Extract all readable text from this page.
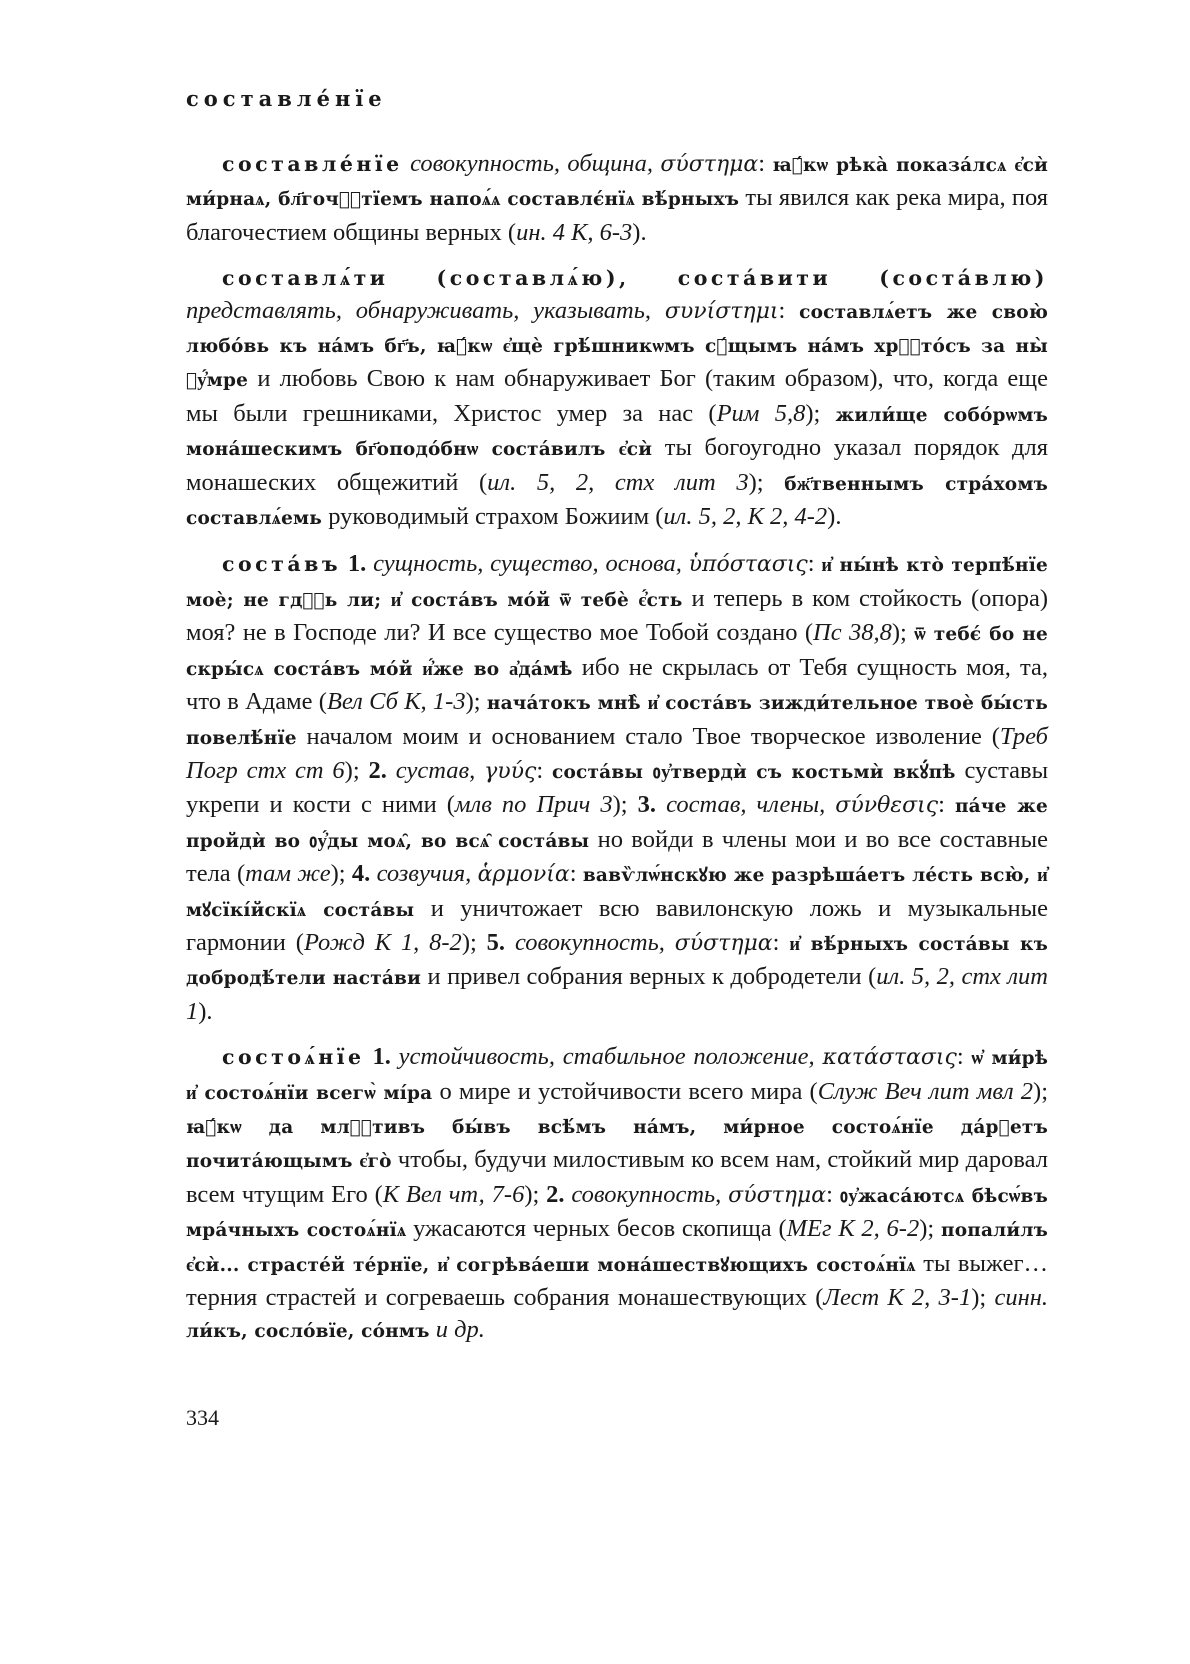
составлéнїе

составлéнїе совокупность, община, σύστημα: ꙗ҆́кѡ рѣка̀ показа́лсѧ є҆сѝ ми́рнаѧ, бл҃гочⷭ҇тїемъ напоѧ́ѧ составлє́нїѧ вѣ́рныхъ ты явился как река мира, поя благочестием общины верных (ин. 4 К, 6-3).

составлѧ́ти (составлѧ́ю), состáвити (состáвлю) представлять, обнаруживать, указывать, συνίστημι: составлѧ́етъ же свою̀ любо́вь къ на́мъ бг҃ъ, ꙗ҆́кѡ є҆щѐ грѣ́шникѡмъ сꙋ́щымъ на́мъ хрⷭ҇то́съ за ны̀ ᲂу҆́мре и любовь Свою к нам обнаруживает Бог (таким образом), что, когда еще мы были грешниками, Христос умер за нас (Рим 5,8); жили́ще собо́рѡмъ мона́шескимъ бг҃оподо́бнѡ соста́вилъ є҆сѝ ты богоугодно указал порядок для монашеских общежитий (ил. 5, 2, стх лит 3); бж҃твеннымъ стра́хомъ составлѧ́емь руководимый страхом Божиим (ил. 5, 2, К 2, 4-2).

состáвъ 1. сущность, существо, основа, ὑπόστασις: и҆ ны́нѣ кто̀ терпѣ́нїе моѐ; не гдⷭ҇ь ли; и҆ соста́въ мо́й ѿ тебѐ є҆́сть и теперь в ком стойкость (опора) моя? не в Господе ли? И все существо мое Тобой создано (Пс 38,8); ѿ тебє́ бо не скры́сѧ соста́въ мо́й и҆́же во а҆да́мѣ ибо не скрылась от Тебя сущность моя, та, что в Адаме (Вел Сб К, 1-3); нача́токъ мнѣ̀ и҆ соста́въ зижди́тельное твоѐ бы́сть повелѣ́нїе началом моим и основанием стало Твое творческое изволение (Треб Погр стх ст 6); 2. сустав, γυύς: соста́вы ᲂу҆твердѝ съ костьмѝ вкꙋ́пѣ суставы укрепи и кости с ними (млв по Прич 3); 3. состав, члены, σύνθεσις: па́че же пройдѝ во ᲂу҆́ды моѧ̑, во всѧ̑ соста́вы но войди в члены мои и во все составные тела (там же); 4. созвучия, ἁρμονία: вавѷлѡ́нскꙋю же разрѣша́етъ ле́сть всю̀, и҆ мꙋсїкі́йскїѧ соста́вы и уничтожает всю вавилонскую ложь и музыкальные гармонии (Рожд К 1, 8-2); 5. совокупность, σύστημα: и҆ вѣ́рныхъ соста́вы къ добродѣ́тели наста́ви и привел собрания верных к добродетели (ил. 5, 2, стх лит 1).

состоѧ́нїе 1. устойчивость, стабильное положение, κατάστασις: ѡ҆ ми́рѣ и҆ состоѧ́нїи всегѡ̀ мі́ра о мире и устойчивости всего мира (Служ Веч лит мвл 2); ꙗ҆́кѡ да млⷭ҇тивъ бы́въ всѣ́мъ на́мъ, ми́рное состоѧ́нїе да́рꙋетъ почита́ющымъ є҆го̀ чтобы, будучи милостивым ко всем нам, стойкий мир даровал всем чтущим Его (К Вел чт, 7-6); 2. совокупность, σύστημα: ᲂу҆жаса́ютсѧ бѣсѡ́въ мра́чныхъ состоѧ́нїѧ ужасаются черных бесов скопища (МЕг К 2, 6-2); попали́лъ є҆сѝ... страсте́й те́рнїе, и҆ согрѣва́еши мона́шествꙋющихъ состоѧ́нїѧ ты выжег… терния страстей и согреваешь собрания монашествующих (Лест К 2, 3-1); синн. ли́къ, сосло́вїе, со́нмъ и др.

334
